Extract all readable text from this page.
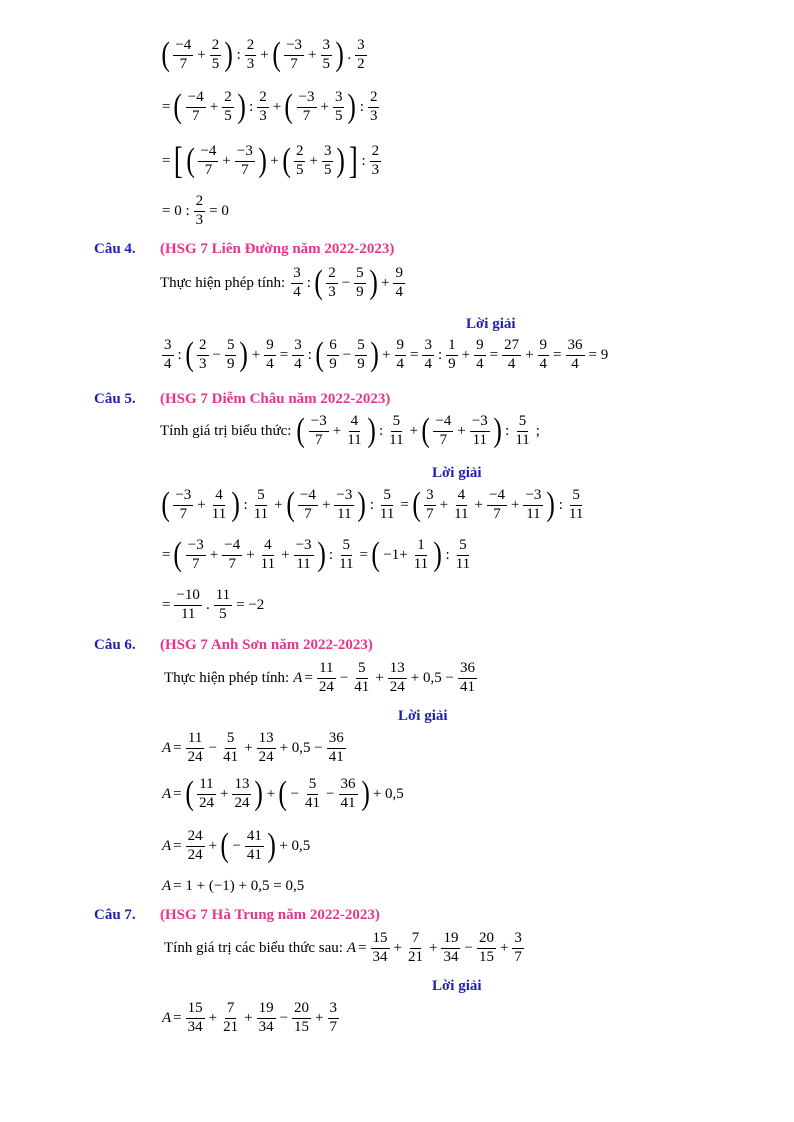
( $\frac{-4}{7} + \frac{2}{5}$ ) : $\frac{2}{3}$ + ( $\frac{-3}{7} + \frac{3}{5}$ ) . $\frac{3}{2}$
= ( $\frac{-4}{7} + \frac{2}{5}$ ) : $\frac{2}{3}$ + ( $\frac{-3}{7} + \frac{3}{5}$ ) : $\frac{2}{3}$
= [ ( $\frac{-4}{7} + \frac{-3}{7}$ ) + ( $\frac{2}{5} + \frac{3}{5}$ ) ] : $\frac{2}{3}$
= 0 : $\frac{2}{3} = 0$
Câu 4. (HSG 7 Liên Đường năm 2022-2023)
Thực hiện phép tính: $\frac{3}{4}$ : ( $\frac{2}{3} - \frac{5}{9}$ ) + $\frac{9}{4}$
Lời giải
$\frac{3}{4}$ : ( $\frac{2}{3} - \frac{5}{9}$ ) + $\frac{9}{4} = \frac{3}{4}$ : ( $\frac{6}{9} - \frac{5}{9}$ ) + $\frac{9}{4} = \frac{3}{4}$ : $\frac{1}{9} + \frac{9}{4} = \frac{27}{4} + \frac{9}{4} = \frac{36}{4} = 9$
Câu 5. (HSG 7 Diễm Châu năm 2022-2023)
Tính giá trị biểu thức: ( $\frac{-3}{7} + \frac{4}{11}$ ) : $\frac{5}{11}$ + ( $\frac{-4}{7} + \frac{-3}{11}$ ) : $\frac{5}{11}$ ;
Lời giải
( $\frac{-3}{7} + \frac{4}{11}$ ) : $\frac{5}{11}$ + ( $\frac{-4}{7} + \frac{-3}{11}$ ) : $\frac{5}{11}$ = ( $\frac{3}{7} + \frac{4}{11} + \frac{-4}{7} + \frac{-3}{11}$ ) : $\frac{5}{11}$
= ( $\frac{-3}{7} + \frac{-4}{7} + \frac{4}{11} + \frac{-3}{11}$ ) : $\frac{5}{11}$ = ( $-1+ \frac{1}{11}$ ) : $\frac{5}{11}$
= $\frac{-10}{11}$ . $\frac{11}{5} = -2$
Câu 6. (HSG 7 Anh Sơn năm 2022-2023)
Thực hiện phép tính: $A = \frac{11}{24} - \frac{5}{41} + \frac{13}{24} + 0,5 - \frac{36}{41}$
Lời giải
$A = \frac{11}{24} - \frac{5}{41} + \frac{13}{24} + 0,5 - \frac{36}{41}$
A = ( $\frac{11}{24} + \frac{13}{24}$ ) + ( − $\frac{5}{41} - \frac{36}{41}$ ) + 0,5
$A = \frac{24}{24}$ + ( − $\frac{41}{41}$ ) + 0,5
A = 1 + (−1) + 0,5 = 0,5
Câu 7. (HSG 7 Hà Trung năm 2022-2023)
Tính giá trị các biểu thức sau: $A = \frac{15}{34} + \frac{7}{21} + \frac{19}{34} - \frac{20}{15} + \frac{3}{7}$
Lời giải
$A = \frac{15}{34} + \frac{7}{21} + \frac{19}{34} - \frac{20}{15} + \frac{3}{7}$
